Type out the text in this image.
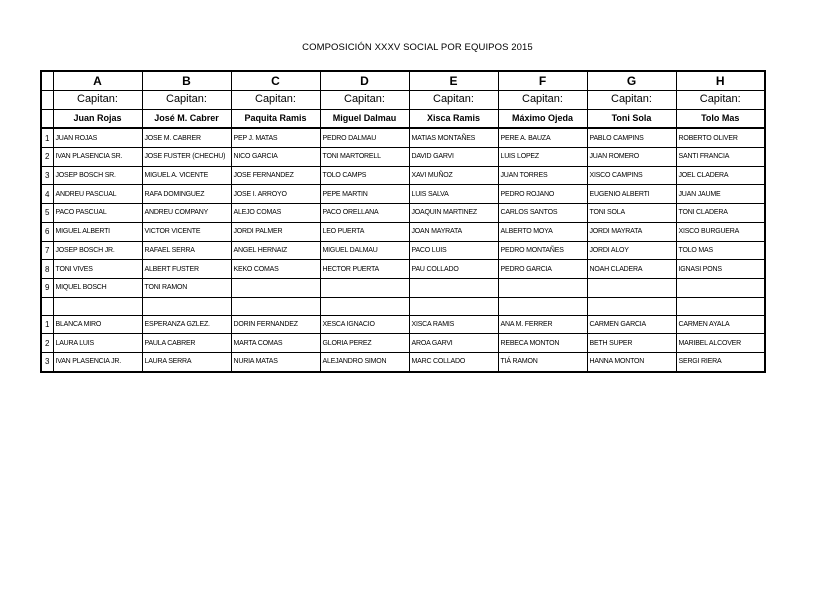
COMPOSICIÓN XXXV SOCIAL POR EQUIPOS 2015
	A	B	C	D	E	F	G	H
	Capitan:	Capitan:	Capitan:	Capitan:	Capitan:	Capitan:	Capitan:	Capitan:
	Juan Rojas	José M. Cabrer	Paquita Ramis	Miguel Dalmau	Xisca Ramis	Máximo Ojeda	Toni Sola	Tolo Mas
1	JUAN ROJAS	JOSE M. CABRER	PEP J. MATAS	PEDRO DALMAU	MATIAS MONTAÑES	PERE A. BAUZA	PABLO CAMPINS	ROBERTO OLIVER
2	IVAN PLASENCIA SR.	JOSE FUSTER (CHECHU)	NICO GARCIA	TONI MARTORELL	DAVID GARVI	LUIS LOPEZ	JUAN ROMERO	SANTI FRANCIA
3	JOSEP BOSCH SR.	MIGUEL A. VICENTE	JOSE FERNANDEZ	TOLO CAMPS	XAVI MUÑOZ	JUAN TORRES	XISCO CAMPINS	JOEL CLADERA
4	ANDREU PASCUAL	RAFA DOMINGUEZ	JOSE I. ARROYO	PEPE MARTIN	LUIS SALVA	PEDRO ROJANO	EUGENIO ALBERTI	JUAN JAUME
5	PACO PASCUAL	ANDREU COMPANY	ALEJO COMAS	PACO ORELLANA	JOAQUIN MARTINEZ	CARLOS SANTOS	TONI SOLA	TONI CLADERA
6	MIGUEL ALBERTI	VICTOR VICENTE	JORDI PALMER	LEO PUERTA	JOAN MAYRATA	ALBERTO MOYA	JORDI MAYRATA	XISCO BURGUERA
7	JOSEP BOSCH JR.	RAFAEL SERRA	ANGEL HERNAIZ	MIGUEL DALMAU	PACO LUIS	PEDRO MONTAÑES	JORDI ALOY	TOLO MAS
8	TONI VIVES	ALBERT FUSTER	KEKO COMAS	HECTOR PUERTA	PAU COLLADO	PEDRO GARCIA	NOAH CLADERA	IGNASI PONS
9	MIQUEL BOSCH	TONI RAMON						

1	BLANCA MIRO	ESPERANZA GZLEZ.	DORIN FERNANDEZ	XESCA IGNACIO	XISCA RAMIS	ANA M. FERRER	CARMEN GARCIA	CARMEN AYALA
2	LAURA LUIS	PAULA CABRER	MARTA COMAS	GLORIA PEREZ	AROA GARVI	REBECA MONTON	BETH SUPER	MARIBEL ALCOVER
3	IVAN PLASENCIA JR.	LAURA SERRA	NURIA MATAS	ALEJANDRO SIMON	MARC COLLADO	TIÁ RAMON	HANNA MONTON	SERGI RIERA
